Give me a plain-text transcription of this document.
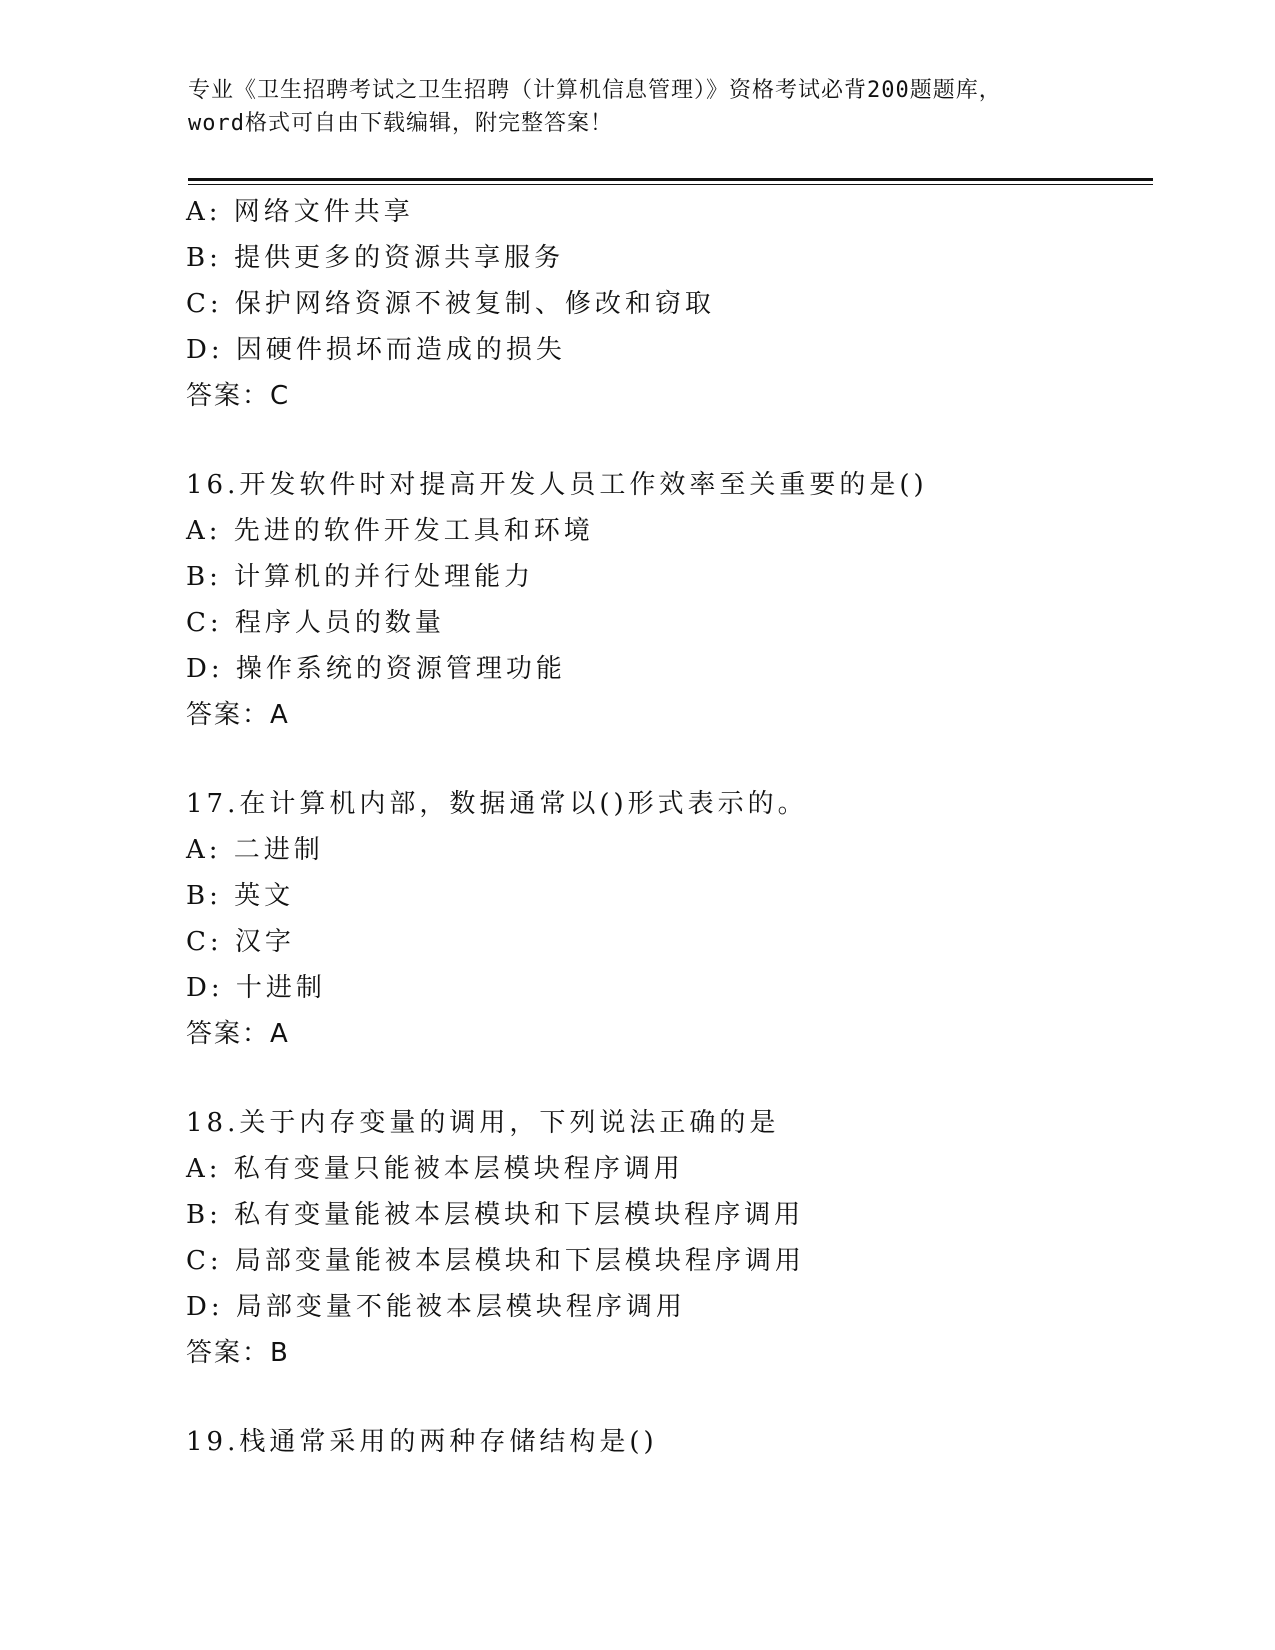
专业《卫生招聘考试之卫生招聘（计算机信息管理）》资格考试必背200题题库，
word格式可自由下载编辑，附完整答案！
A: 网络文件共享
B: 提供更多的资源共享服务
C: 保护网络资源不被复制、修改和窃取
D: 因硬件损坏而造成的损失
答案：C
16.开发软件时对提高开发人员工作效率至关重要的是()
A: 先进的软件开发工具和环境
B: 计算机的并行处理能力
C: 程序人员的数量
D: 操作系统的资源管理功能
答案：A
17.在计算机内部，数据通常以()形式表示的。
A: 二进制
B: 英文
C: 汉字
D: 十进制
答案：A
18.关于内存变量的调用，下列说法正确的是
A: 私有变量只能被本层模块程序调用
B: 私有变量能被本层模块和下层模块程序调用
C: 局部变量能被本层模块和下层模块程序调用
D: 局部变量不能被本层模块程序调用
答案：B
19.栈通常采用的两种存储结构是()
